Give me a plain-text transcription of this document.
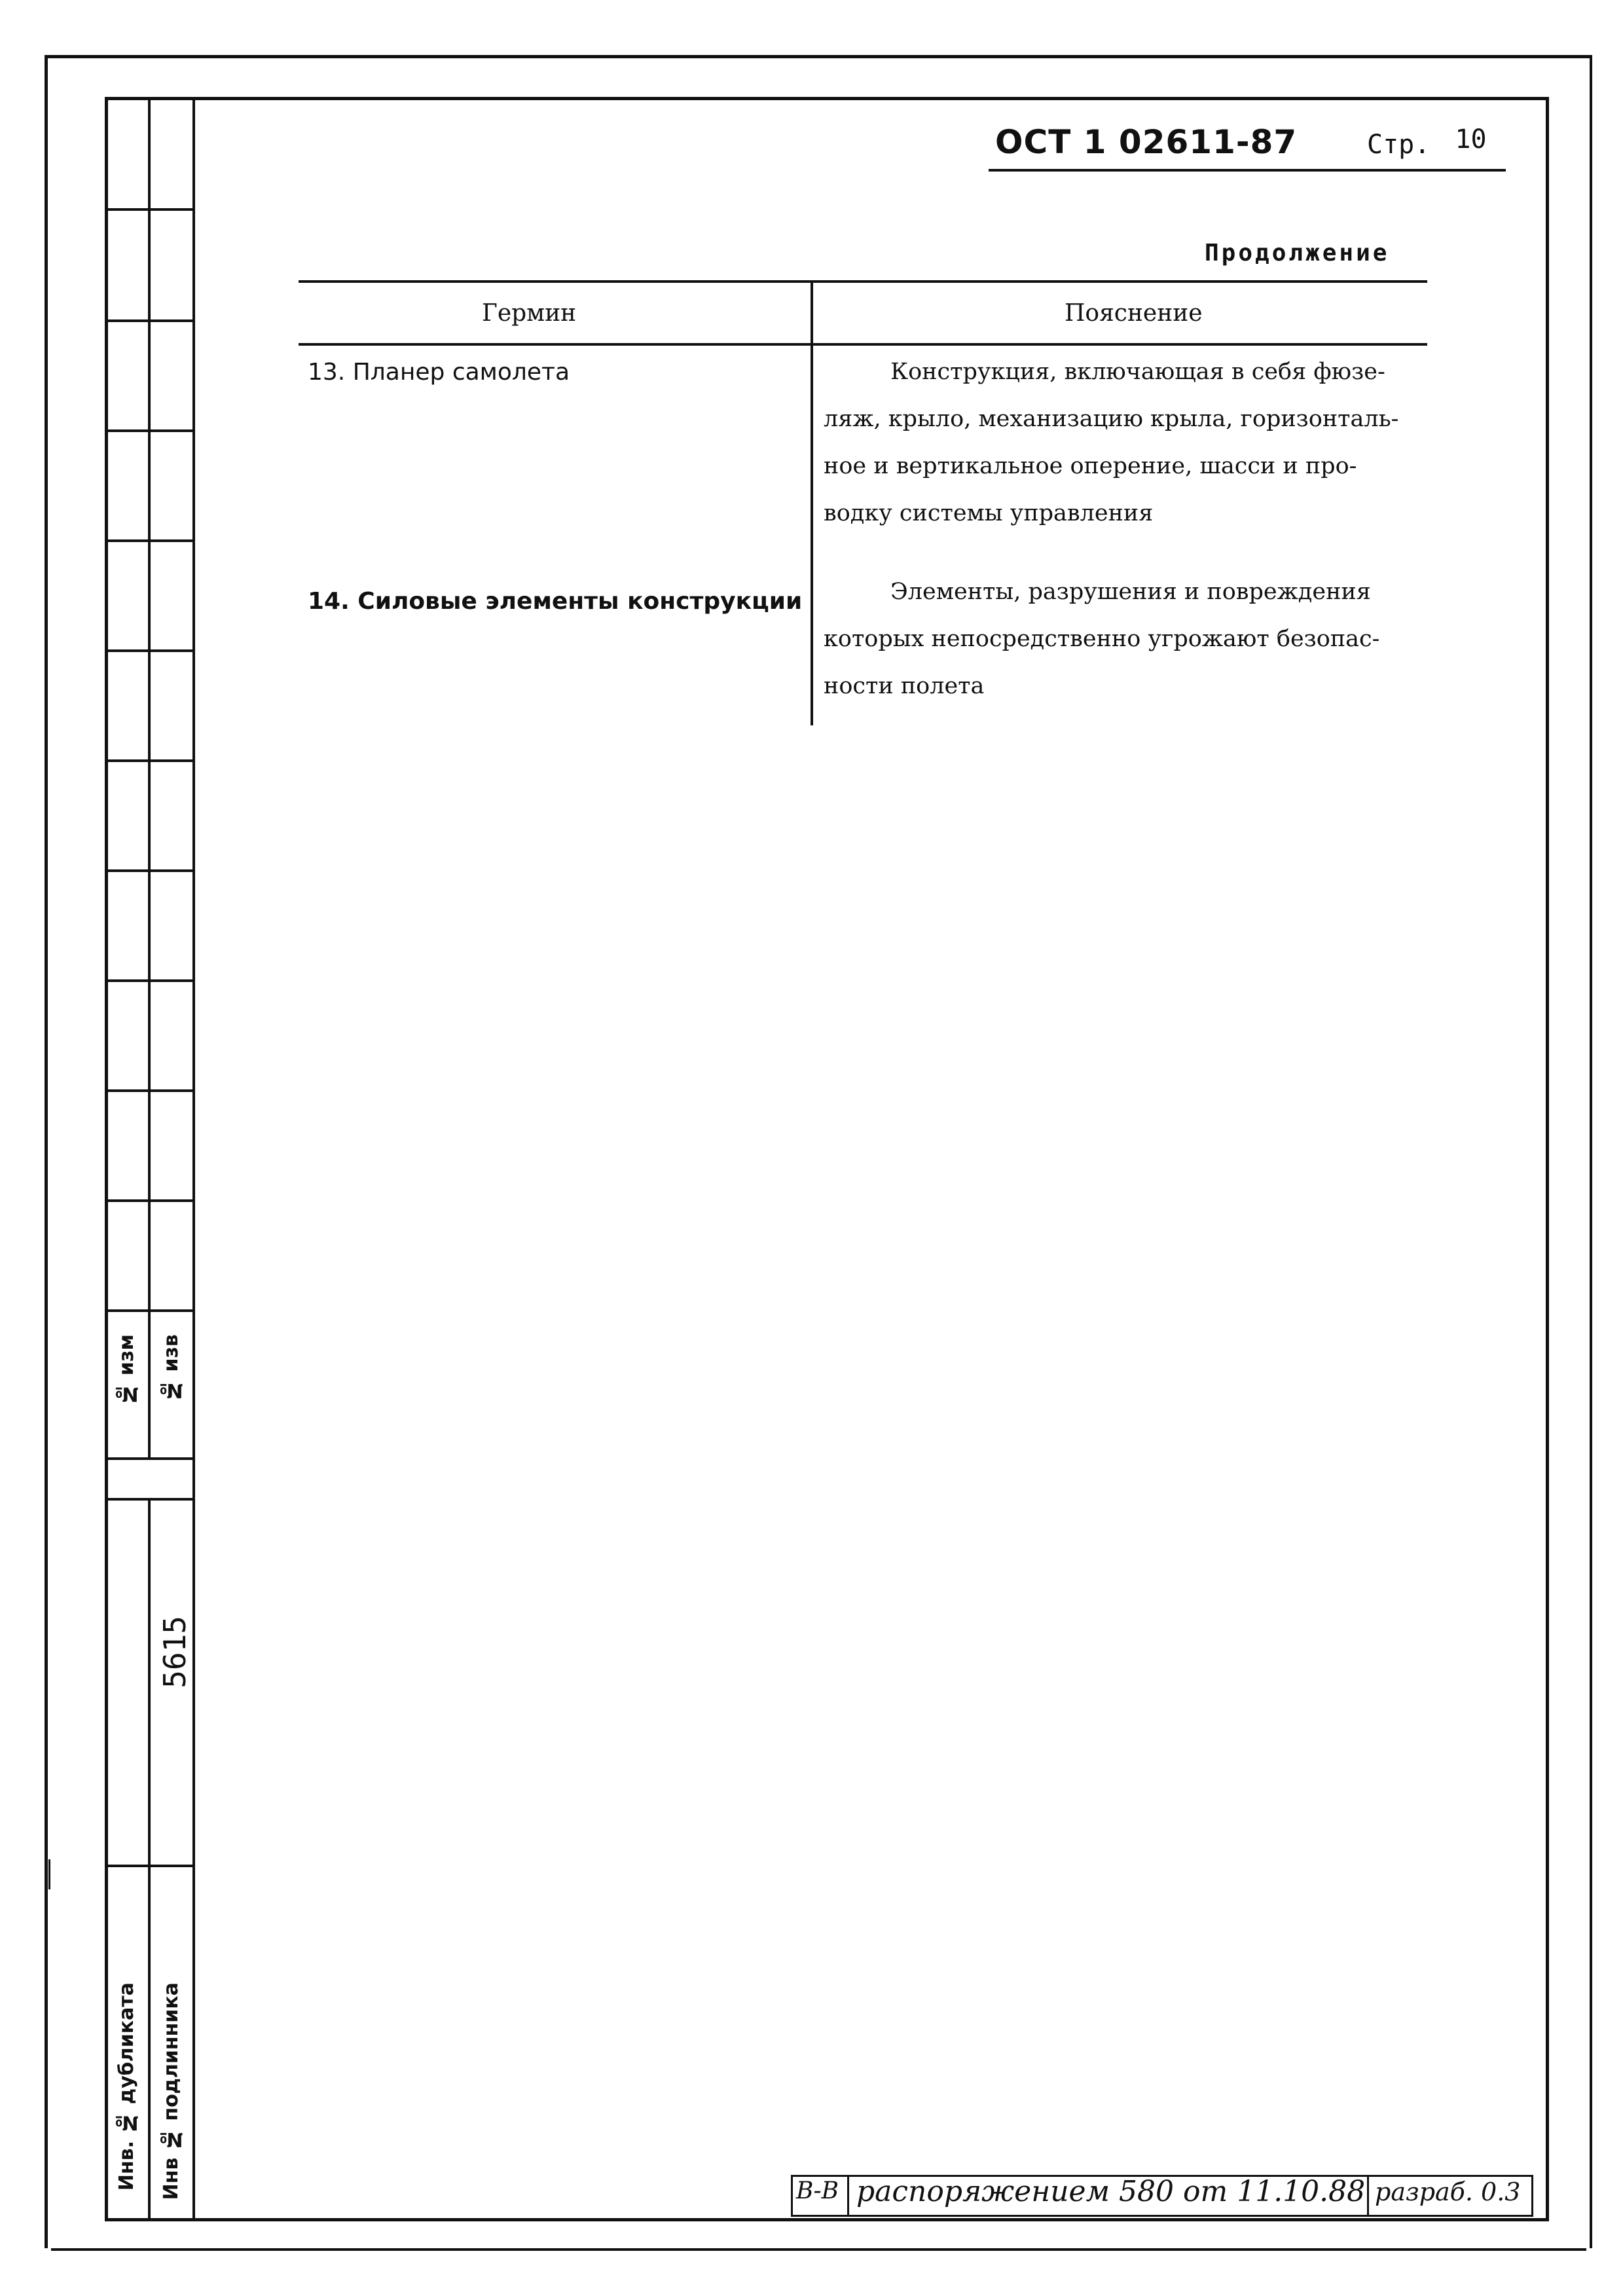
№ изм № изв
5615
Инв. № дубликата Инв № подлинника
ОСТ 1 02611-87	Стр. 10
Продолжение
Гермин	Пояснение
13. Планер самолета	Конструкция, включающая в себя фюзе-
ляж, крыло, механизацию крыла, горизонталь-
ное и вертикальное оперение, шасси и про-
водку системы управления
14. Силовые элементы конструкции	Элементы, разрушения и повреждения
которых непосредственно угрожают безопас-
ности полета
В-В распоряжением 580 от 11.10.88 разраб. 0.3
